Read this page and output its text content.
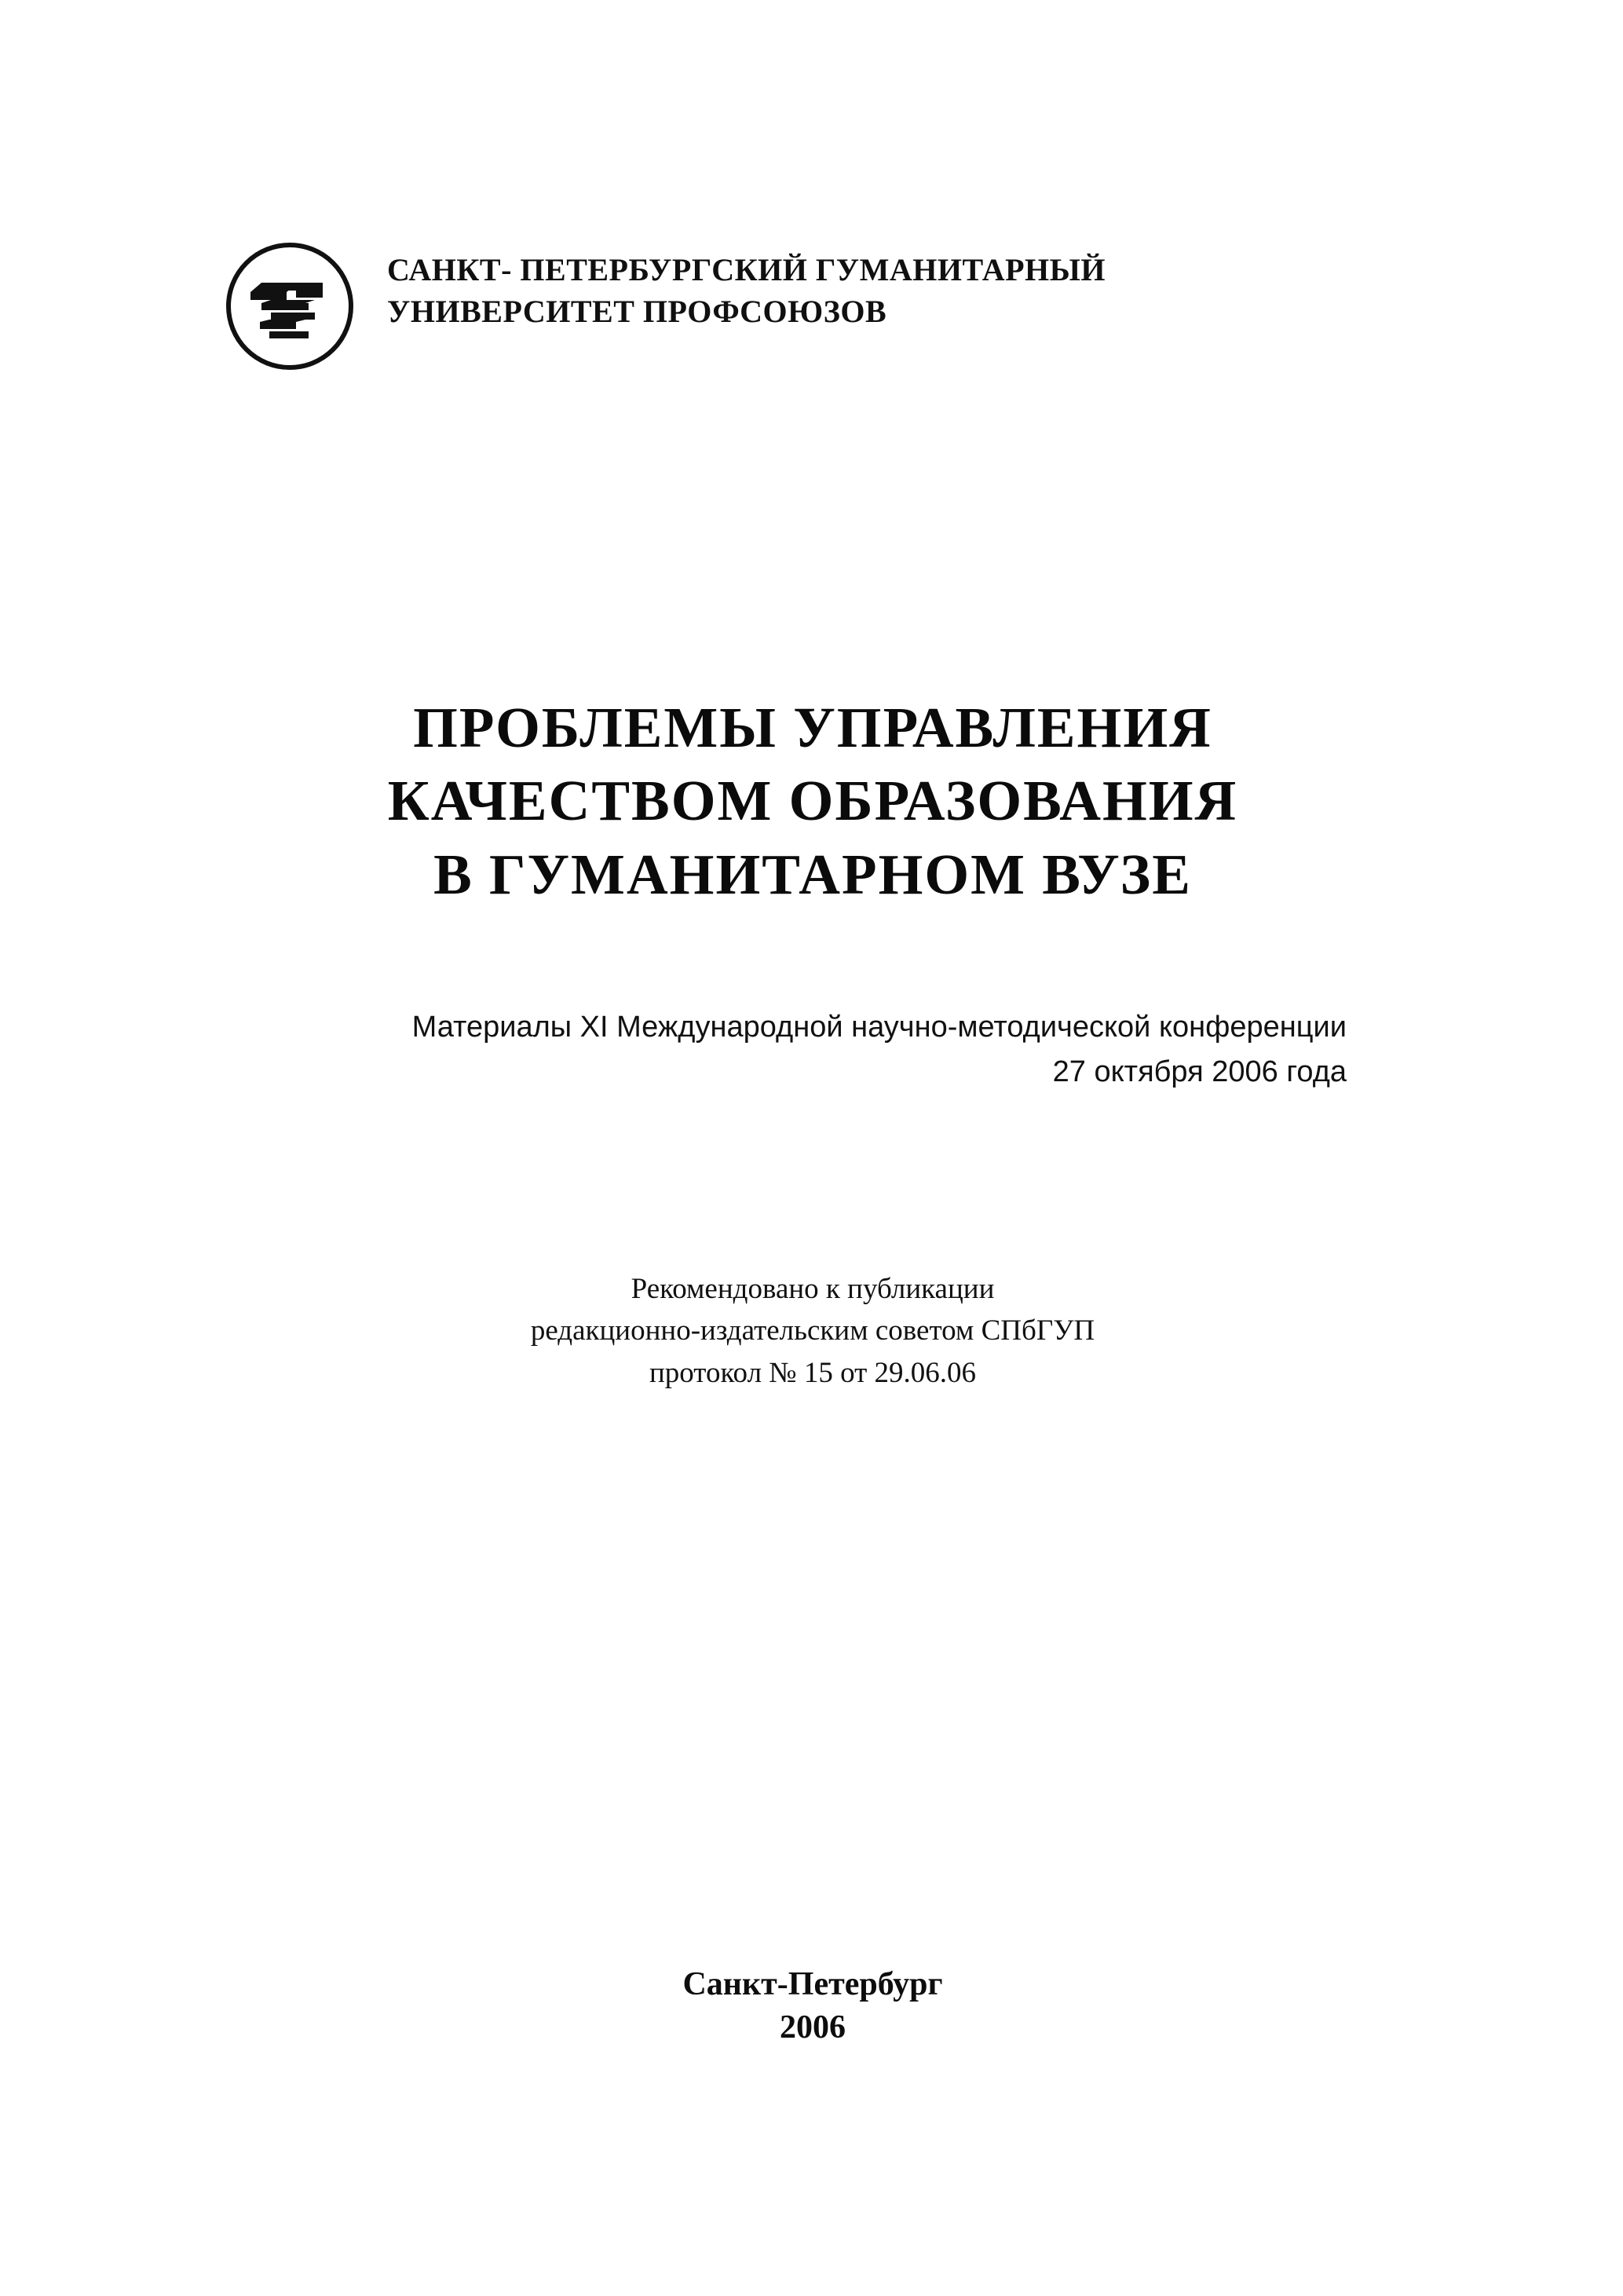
САНКТ- ПЕТЕРБУРГСКИЙ ГУМАНИТАРНЫЙ
УНИВЕРСИТЕТ ПРОФСОЮЗОВ
ПРОБЛЕМЫ УПРАВЛЕНИЯ
КАЧЕСТВОМ ОБРАЗОВАНИЯ
В ГУМАНИТАРНОМ ВУЗЕ
Материалы XI Международной научно-методической конференции
27 октября 2006 года
Рекомендовано к публикации
редакционно-издательским советом СПбГУП
протокол № 15 от 29.06.06
Санкт-Петербург
2006
